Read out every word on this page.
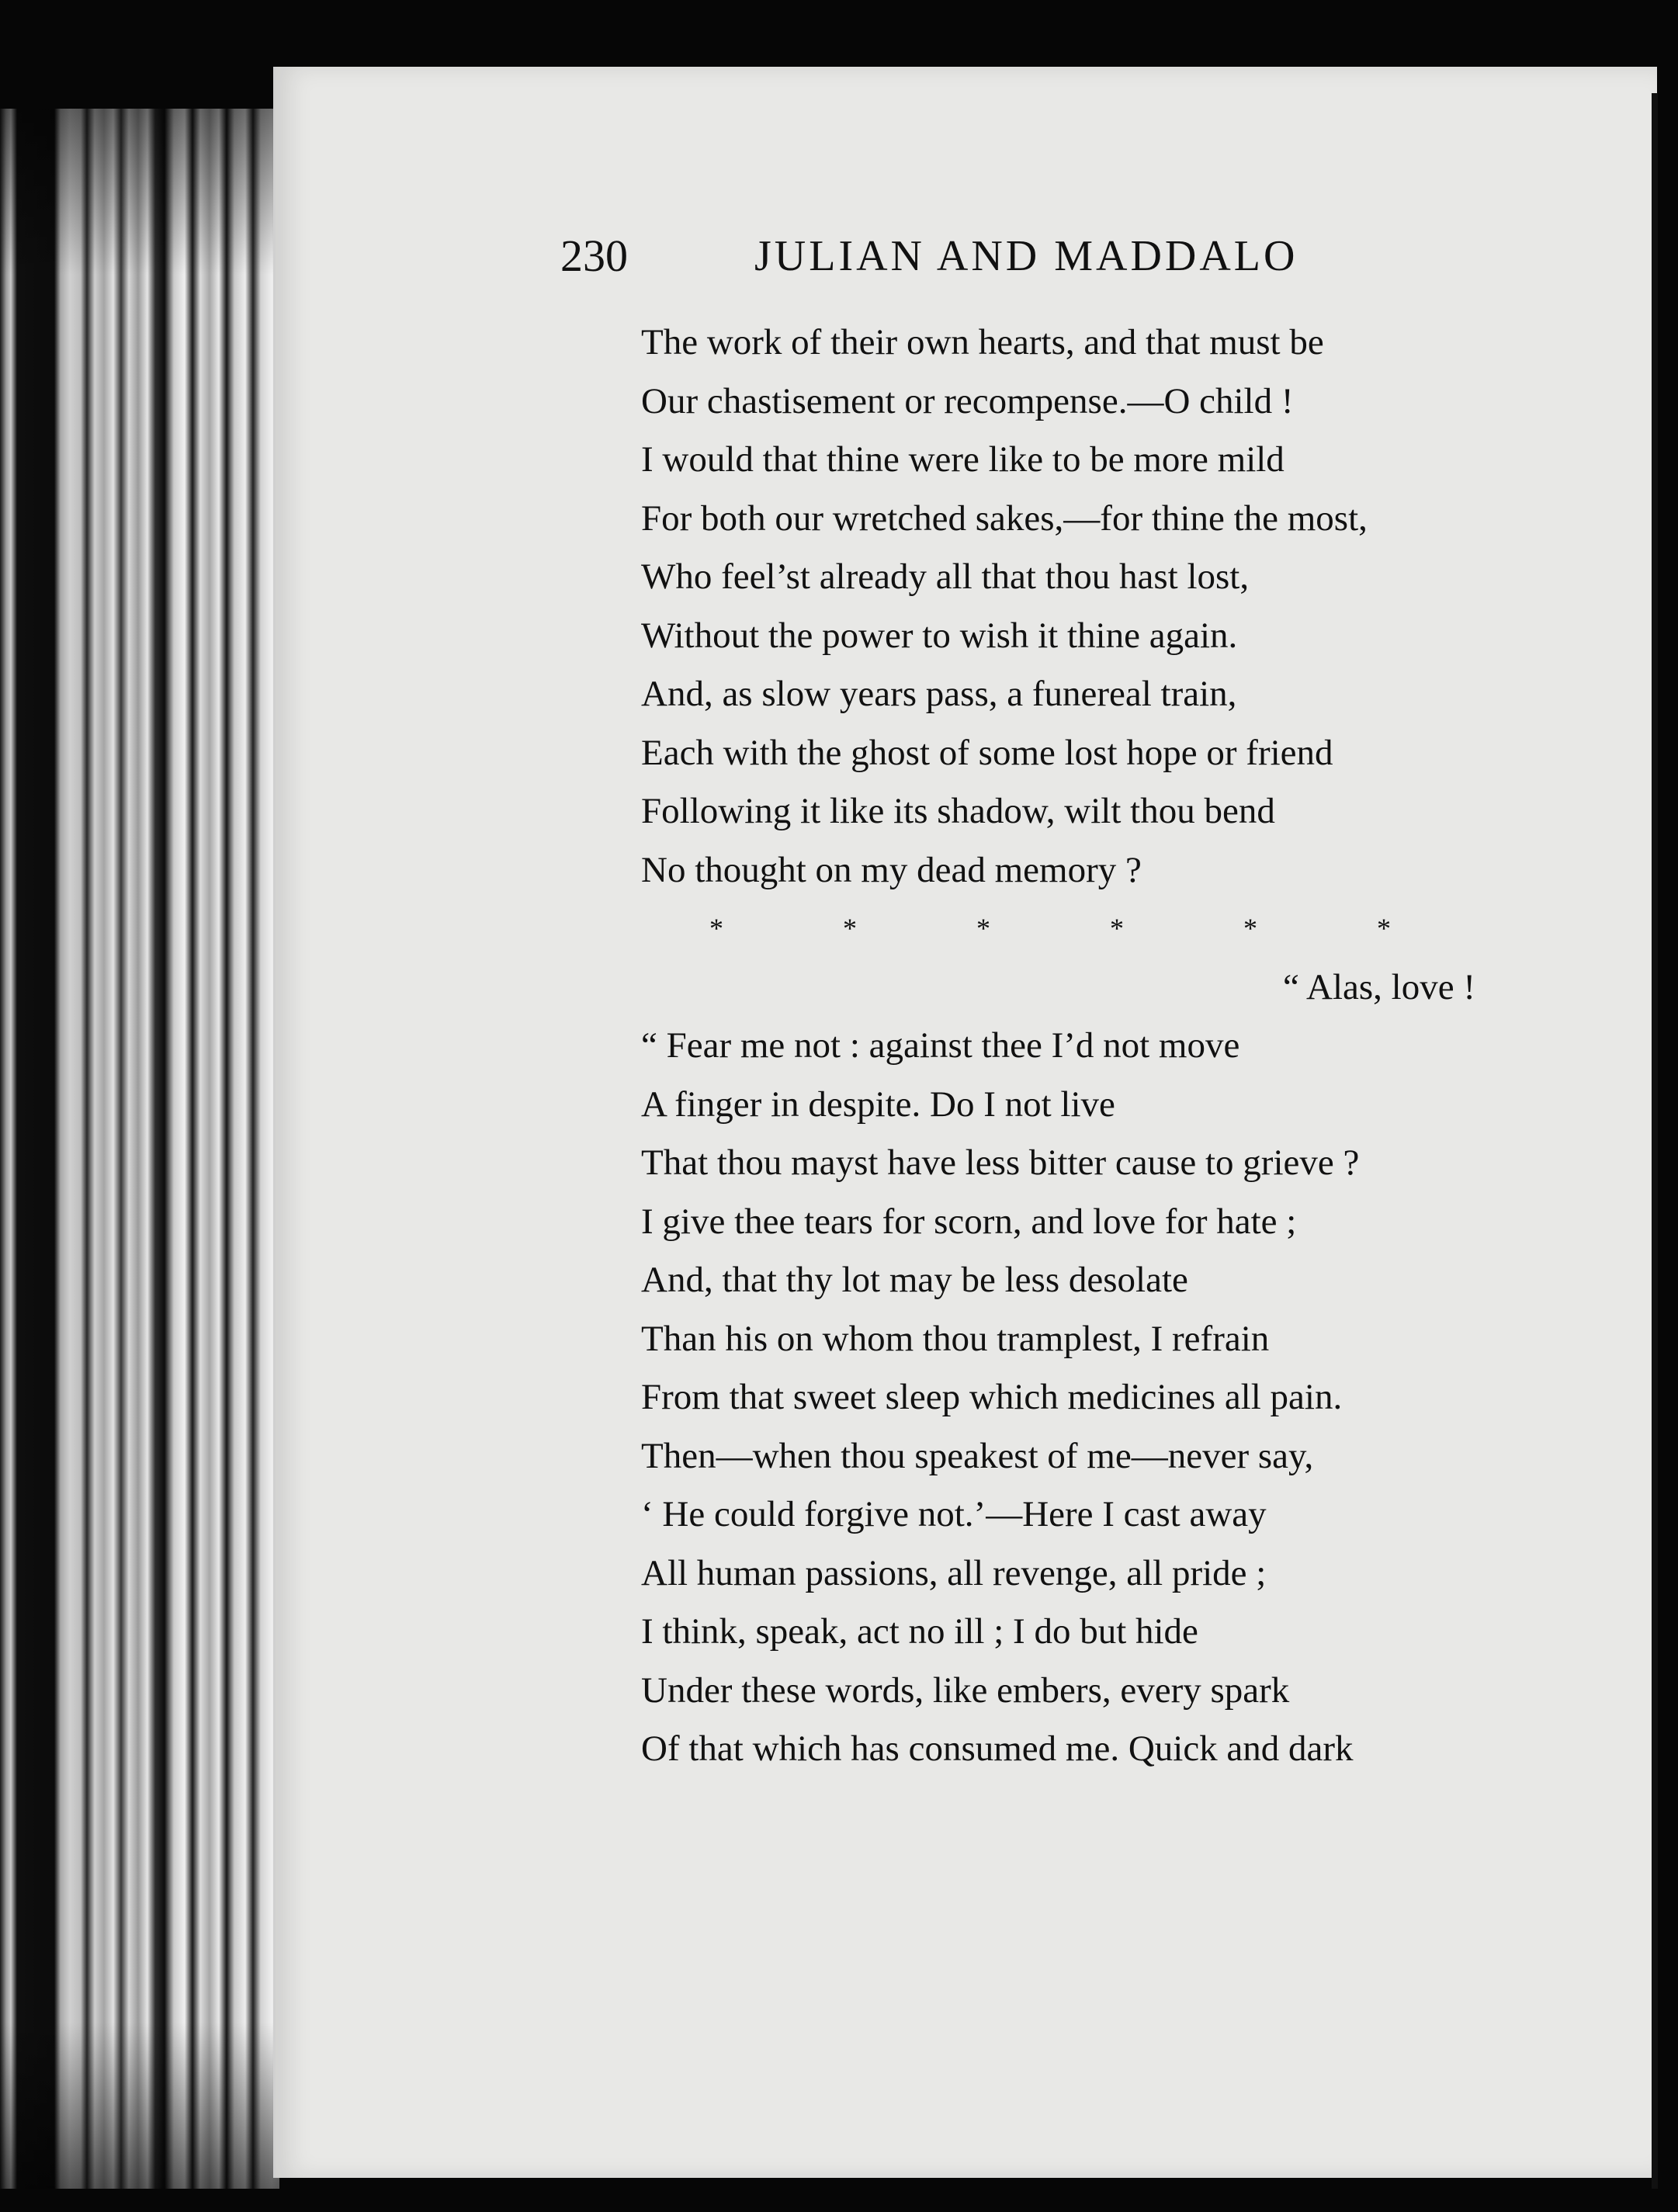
230	JULIAN AND MADDALO
The work of their own hearts, and that must be
Our chastisement or recompense.—O child !
I would that thine were like to be more mild
For both our wretched sakes,—for thine the most,
Who feel’st already all that thou hast lost,
Without the power to wish it thine again.
And, as slow years pass, a funereal train,
Each with the ghost of some lost hope or friend
Following it like its shadow, wilt thou bend
No thought on my dead memory ?
*	*	*	*	*	*
“ Alas, love !
“ Fear me not : against thee I’d not move
A finger in despite. Do I not live
That thou mayst have less bitter cause to grieve ?
I give thee tears for scorn, and love for hate ;
And, that thy lot may be less desolate
Than his on whom thou tramplest, I refrain
From that sweet sleep which medicines all pain.
Then—when thou speakest of me—never say,
‘ He could forgive not.’—Here I cast away
All human passions, all revenge, all pride ;
I think, speak, act no ill ; I do but hide
Under these words, like embers, every spark
Of that which has consumed me. Quick and dark
